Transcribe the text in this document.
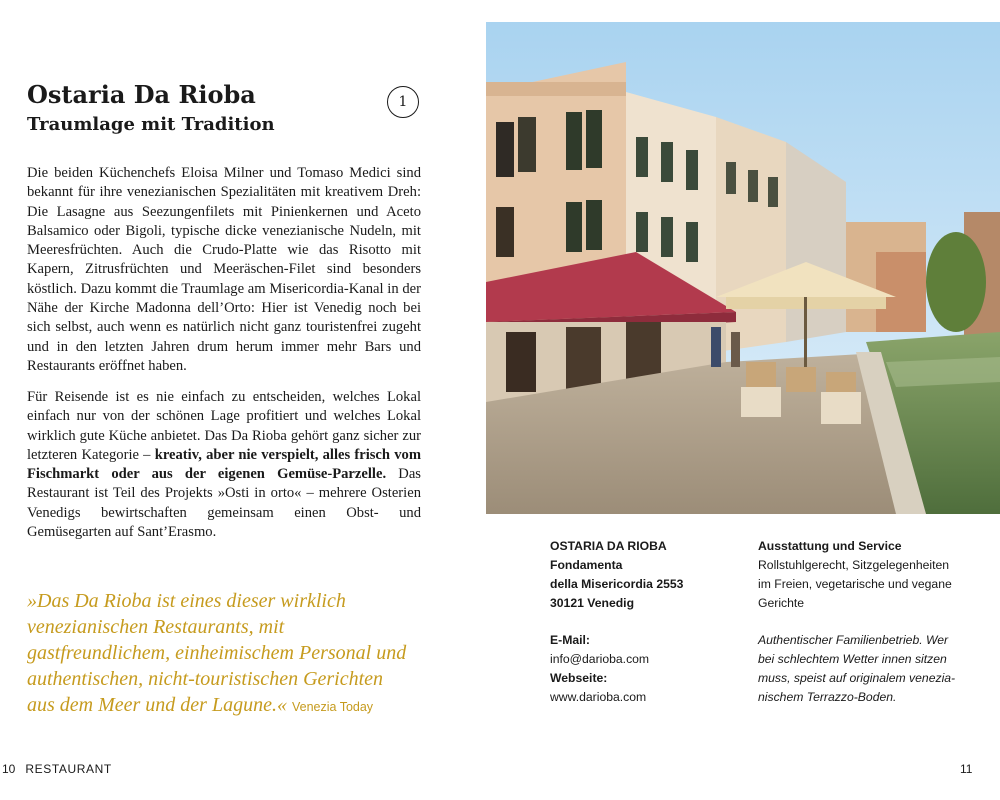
Ostaria Da Rioba
Traumlage mit Tradition
1

Die beiden Küchenchefs Eloisa Milner und Tomaso Medici sind bekannt für ihre venezianischen Spezialitäten mit kreativem Dreh: Die Lasagne aus Seezungenfilets mit Pinienkernen und Aceto Balsamico oder Bigoli, typische dicke venezianische Nudeln, mit Meeresfrüchten. Auch die Crudo-Platte wie das Risotto mit Kapern, Zitrusfrüchten und Meeräschen-Filet sind besonders köstlich. Dazu kommt die Traumlage am Misericordia-Kanal in der Nähe der Kirche Madonna dell’Orto: Hier ist Venedig noch bei sich selbst, auch wenn es natürlich nicht ganz touristenfrei zugeht und in den letzten Jahren drum herum immer mehr Bars und Restaurants eröffnet haben.

Für Reisende ist es nie einfach zu entscheiden, welches Lokal einfach nur von der schönen Lage profitiert und welches Lokal wirklich gute Küche anbietet. Das Da Rioba gehört ganz sicher zur letzteren Kategorie – kreativ, aber nie verspielt, alles frisch vom Fischmarkt oder aus der eigenen Gemüse-Parzelle. Das Restaurant ist Teil des Projekts »Osti in orto« – mehrere Osterien Venedigs bewirtschaften gemeinsam einen Obst- und Gemüsegarten auf Sant’Erasmo.

»Das Da Rioba ist eines dieser wirklich venezianischen Restaurants, mit gastfreundlichem, einheimischem Personal und authentischen, nicht-touristischen Gerichten aus dem Meer und der Lagune.« Venezia Today

OSTARIA DA RIOBA
Fondamenta
della Misericordia 2553
30121 Venedig
E-Mail:
info@darioba.com
Webseite:
www.darioba.com
Ausstattung und Service
Rollstuhlgerecht, Sitzgelegenheiten
im Freien, vegetarische und vegane
Gerichte
Authentischer Familienbetrieb. Wer
bei schlechtem Wetter innen sitzen
muss, speist auf originalem venezia-
nischem Terrazzo-Boden.
10 RESTAURANT	11
